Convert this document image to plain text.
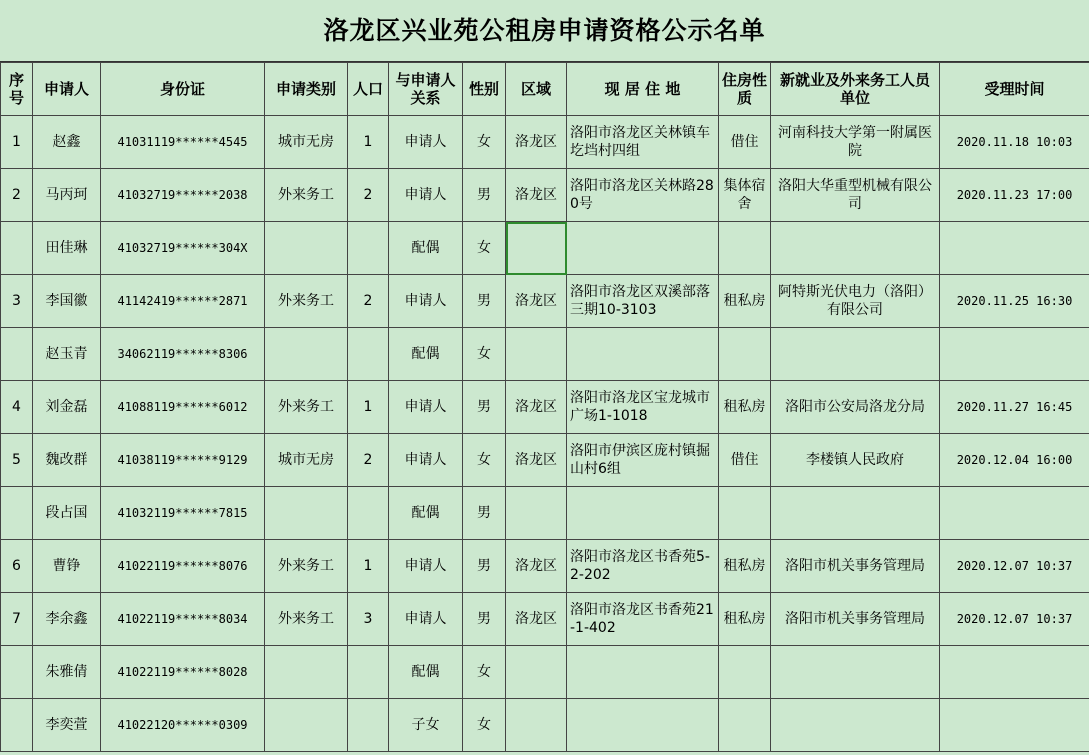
洛龙区兴业苑公租房申请资格公示名单
序号	申请人	身份证	申请类别	人口	与申请人关系	性别	区域	现 居 住 地	住房性质	新就业及外来务工人员单位	受理时间
1	赵鑫	41031119******4545	城市无房	1	申请人	女	洛龙区	洛阳市洛龙区关林镇车圪垱村四组	借住	河南科技大学第一附属医院	2020.11.18 10:03
2	马丙珂	41032719******2038	外来务工	2	申请人	男	洛龙区	洛阳市洛龙区关林路280号	集体宿舍	洛阳大华重型机械有限公司	2020.11.23 17:00
	田佳琳	41032719******304X			配偶	女					
3	李国徽	41142419******2871	外来务工	2	申请人	男	洛龙区	洛阳市洛龙区双溪部落三期10-3103	租私房	阿特斯光伏电力（洛阳）有限公司	2020.11.25 16:30
	赵玉青	34062119******8306			配偶	女					
4	刘金磊	41088119******6012	外来务工	1	申请人	男	洛龙区	洛阳市洛龙区宝龙城市广场1-1018	租私房	洛阳市公安局洛龙分局	2020.11.27 16:45
5	魏改群	41038119******9129	城市无房	2	申请人	女	洛龙区	洛阳市伊滨区庞村镇掘山村6组	借住	李楼镇人民政府	2020.12.04 16:00
	段占国	41032119******7815			配偶	男					
6	曹铮	41022119******8076	外来务工	1	申请人	男	洛龙区	洛阳市洛龙区书香苑5-2-202	租私房	洛阳市机关事务管理局	2020.12.07 10:37
7	李余鑫	41022119******8034	外来务工	3	申请人	男	洛龙区	洛阳市洛龙区书香苑21-1-402	租私房	洛阳市机关事务管理局	2020.12.07 10:37
	朱雅倩	41022119******8028			配偶	女					
	李奕萱	41022120******0309			子女	女					
